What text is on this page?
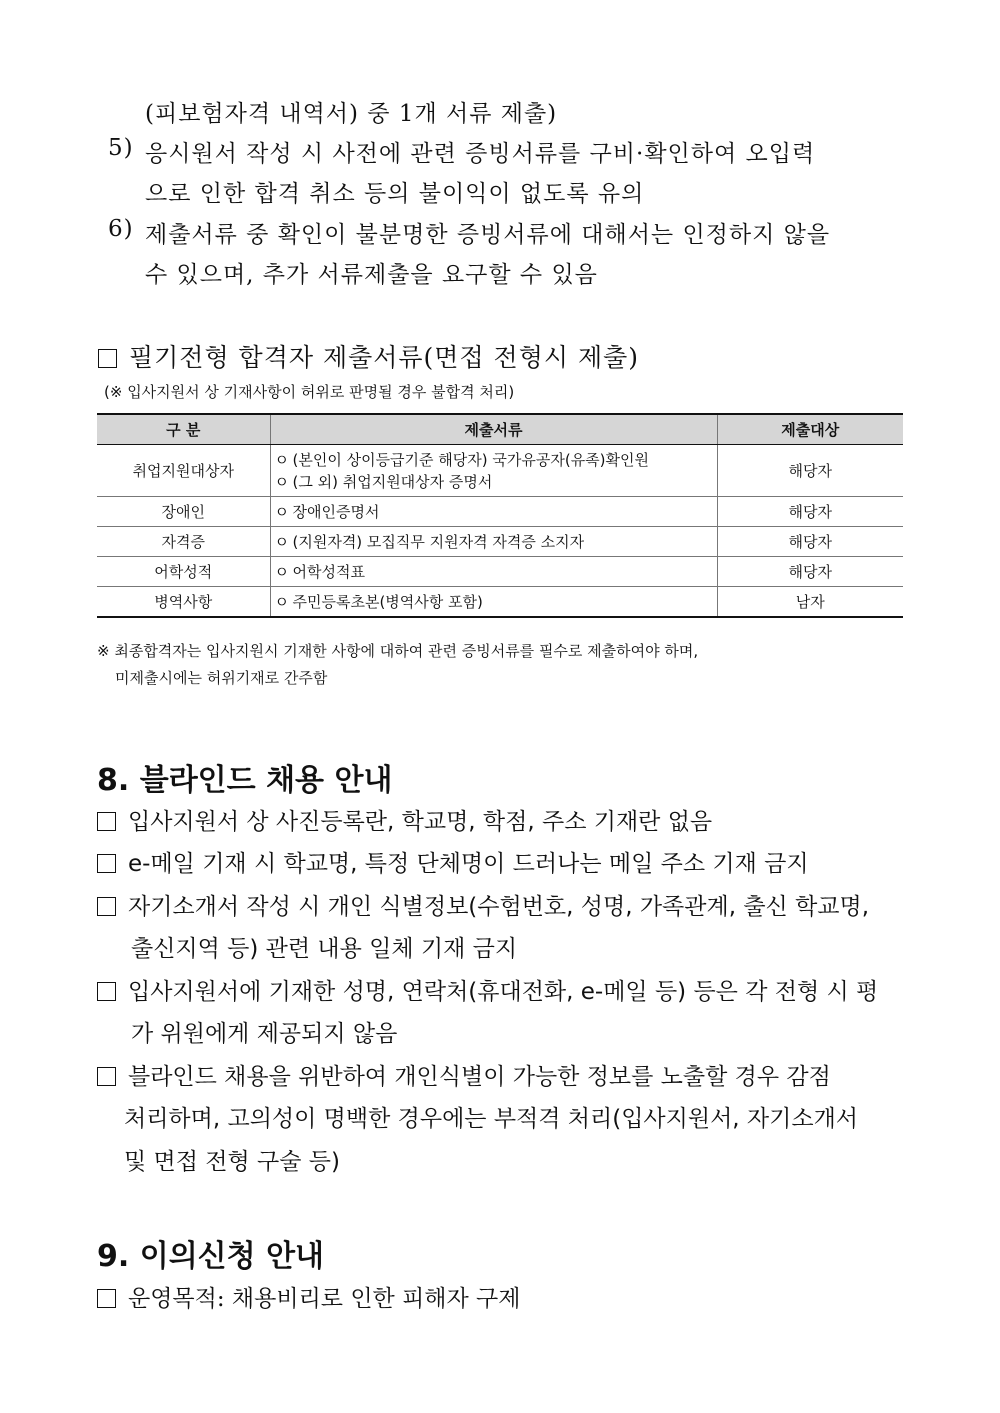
(피보험자격 내역서) 중 1개 서류 제출)
5) 응시원서 작성 시 사전에 관련 증빙서류를 구비·확인하여 오입력
으로 인한 합격 취소 등의 불이익이 없도록 유의
6) 제출서류 중 확인이 불분명한 증빙서류에 대해서는 인정하지 않을
수 있으며, 추가 서류제출을 요구할 수 있음
필기전형 합격자 제출서류(면접 전형시 제출)
(※ 입사지원서 상 기재사항이 허위로 판명될 경우 불합격 처리)
구 분	제출서류	제출대상
취업지원대상자	ㅇ (본인이 상이등급기준 해당자) 국가유공자(유족)확인원
ㅇ (그 외) 취업지원대상자 증명서	해당자
장애인	ㅇ 장애인증명서	해당자
자격증	ㅇ (지원자격) 모집직무 지원자격 자격증 소지자	해당자
어학성적	ㅇ 어학성적표	해당자
병역사항	ㅇ 주민등록초본(병역사항 포함)	남자
※ 최종합격자는 입사지원시 기재한 사항에 대하여 관련 증빙서류를 필수로 제출하여야 하며,
미제출시에는 허위기재로 간주함
8. 블라인드 채용 안내
입사지원서 상 사진등록란, 학교명, 학점, 주소 기재란 없음
e-메일 기재 시 학교명, 특정 단체명이 드러나는 메일 주소 기재 금지
자기소개서 작성 시 개인 식별정보(수험번호, 성명, 가족관계, 출신 학교명,
출신지역 등) 관련 내용 일체 기재 금지
입사지원서에 기재한 성명, 연락처(휴대전화, e-메일 등) 등은 각 전형 시 평
가 위원에게 제공되지 않음
블라인드 채용을 위반하여 개인식별이 가능한 정보를 노출할 경우 감점
처리하며, 고의성이 명백한 경우에는 부적격 처리(입사지원서, 자기소개서
및 면접 전형 구술 등)
9. 이의신청 안내
운영목적: 채용비리로 인한 피해자 구제
